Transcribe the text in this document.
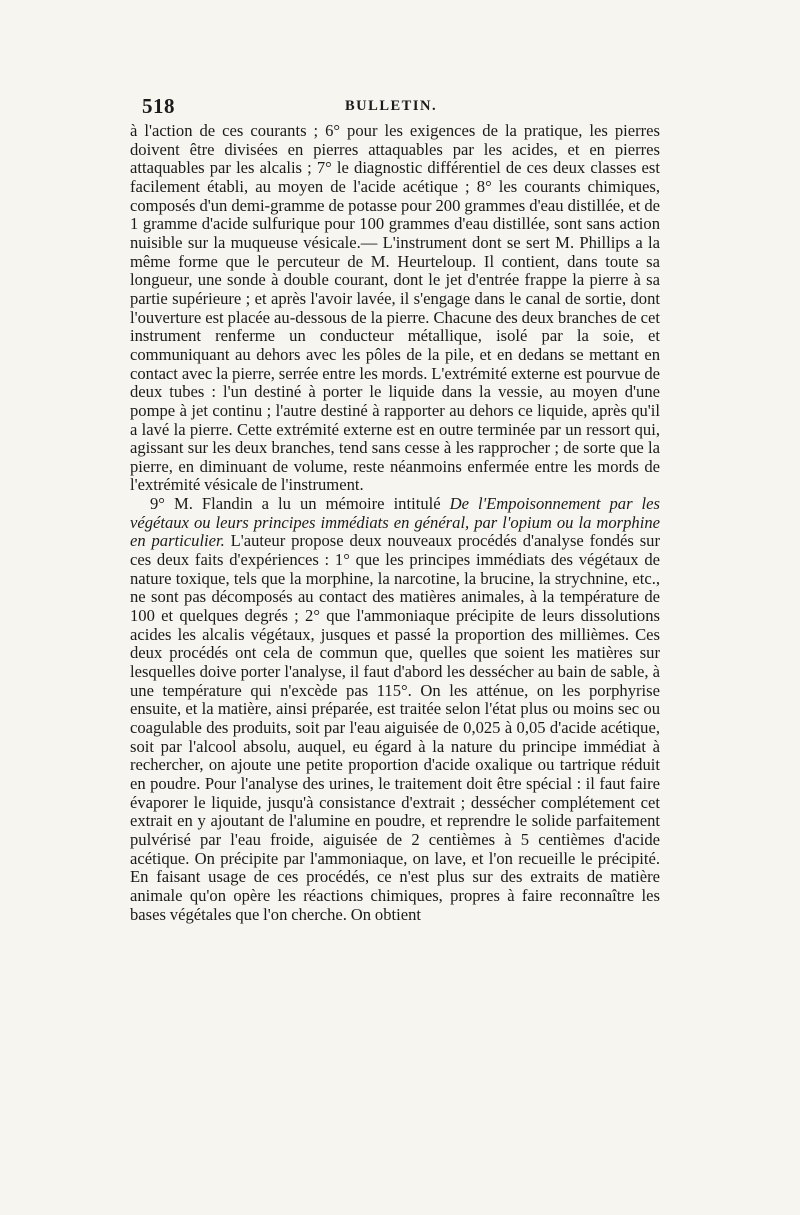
518	BULLETIN.

à l'action de ces courants ; 6° pour les exigences de la pratique, les pierres doivent être divisées en pierres attaquables par les acides, et en pierres attaquables par les alcalis ; 7° le diagnostic différentiel de ces deux classes est facilement établi, au moyen de l'acide acétique ; 8° les courants chimiques, composés d'un demi-gramme de potasse pour 200 grammes d'eau distillée, et de 1 gramme d'acide sulfurique pour 100 grammes d'eau distillée, sont sans action nuisible sur la muqueuse vésicale.— L'instrument dont se sert M. Phillips a la même forme que le percuteur de M. Heurteloup. Il contient, dans toute sa longueur, une sonde à double courant, dont le jet d'entrée frappe la pierre à sa partie supérieure ; et après l'avoir lavée, il s'engage dans le canal de sortie, dont l'ouverture est placée au-dessous de la pierre. Chacune des deux branches de cet instrument renferme un conducteur métallique, isolé par la soie, et communiquant au dehors avec les pôles de la pile, et en dedans se mettant en contact avec la pierre, serrée entre les mords. L'extrémité externe est pourvue de deux tubes : l'un destiné à porter le liquide dans la vessie, au moyen d'une pompe à jet continu ; l'autre destiné à rapporter au dehors ce liquide, après qu'il a lavé la pierre. Cette extrémité externe est en outre terminée par un ressort qui, agissant sur les deux branches, tend sans cesse à les rapprocher ; de sorte que la pierre, en diminuant de volume, reste néanmoins enfermée entre les mords de l'extrémité vésicale de l'instrument.

9° M. Flandin a lu un mémoire intitulé De l'Empoisonnement par les végétaux ou leurs principes immédiats en général, par l'opium ou la morphine en particulier. L'auteur propose deux nouveaux procédés d'analyse fondés sur ces deux faits d'expériences : 1° que les principes immédiats des végétaux de nature toxique, tels que la morphine, la narcotine, la brucine, la strychnine, etc., ne sont pas décomposés au contact des matières animales, à la température de 100 et quelques degrés ; 2° que l'ammoniaque précipite de leurs dissolutions acides les alcalis végétaux, jusques et passé la proportion des millièmes. Ces deux procédés ont cela de commun que, quelles que soient les matières sur lesquelles doive porter l'analyse, il faut d'abord les dessécher au bain de sable, à une température qui n'excède pas 115°. On les atténue, on les porphyrise ensuite, et la matière, ainsi préparée, est traitée selon l'état plus ou moins sec ou coagulable des produits, soit par l'eau aiguisée de 0,025 à 0,05 d'acide acétique, soit par l'alcool absolu, auquel, eu égard à la nature du principe immédiat à rechercher, on ajoute une petite proportion d'acide oxalique ou tartrique réduit en poudre. Pour l'analyse des urines, le traitement doit être spécial : il faut faire évaporer le liquide, jusqu'à consistance d'extrait ; dessécher complétement cet extrait en y ajoutant de l'alumine en poudre, et reprendre le solide parfaitement pulvérisé par l'eau froide, aiguisée de 2 centièmes à 5 centièmes d'acide acétique. On précipite par l'ammoniaque, on lave, et l'on recueille le précipité. En faisant usage de ces procédés, ce n'est plus sur des extraits de matière animale qu'on opère les réactions chimiques, propres à faire reconnaître les bases végétales que l'on cherche. On obtient
